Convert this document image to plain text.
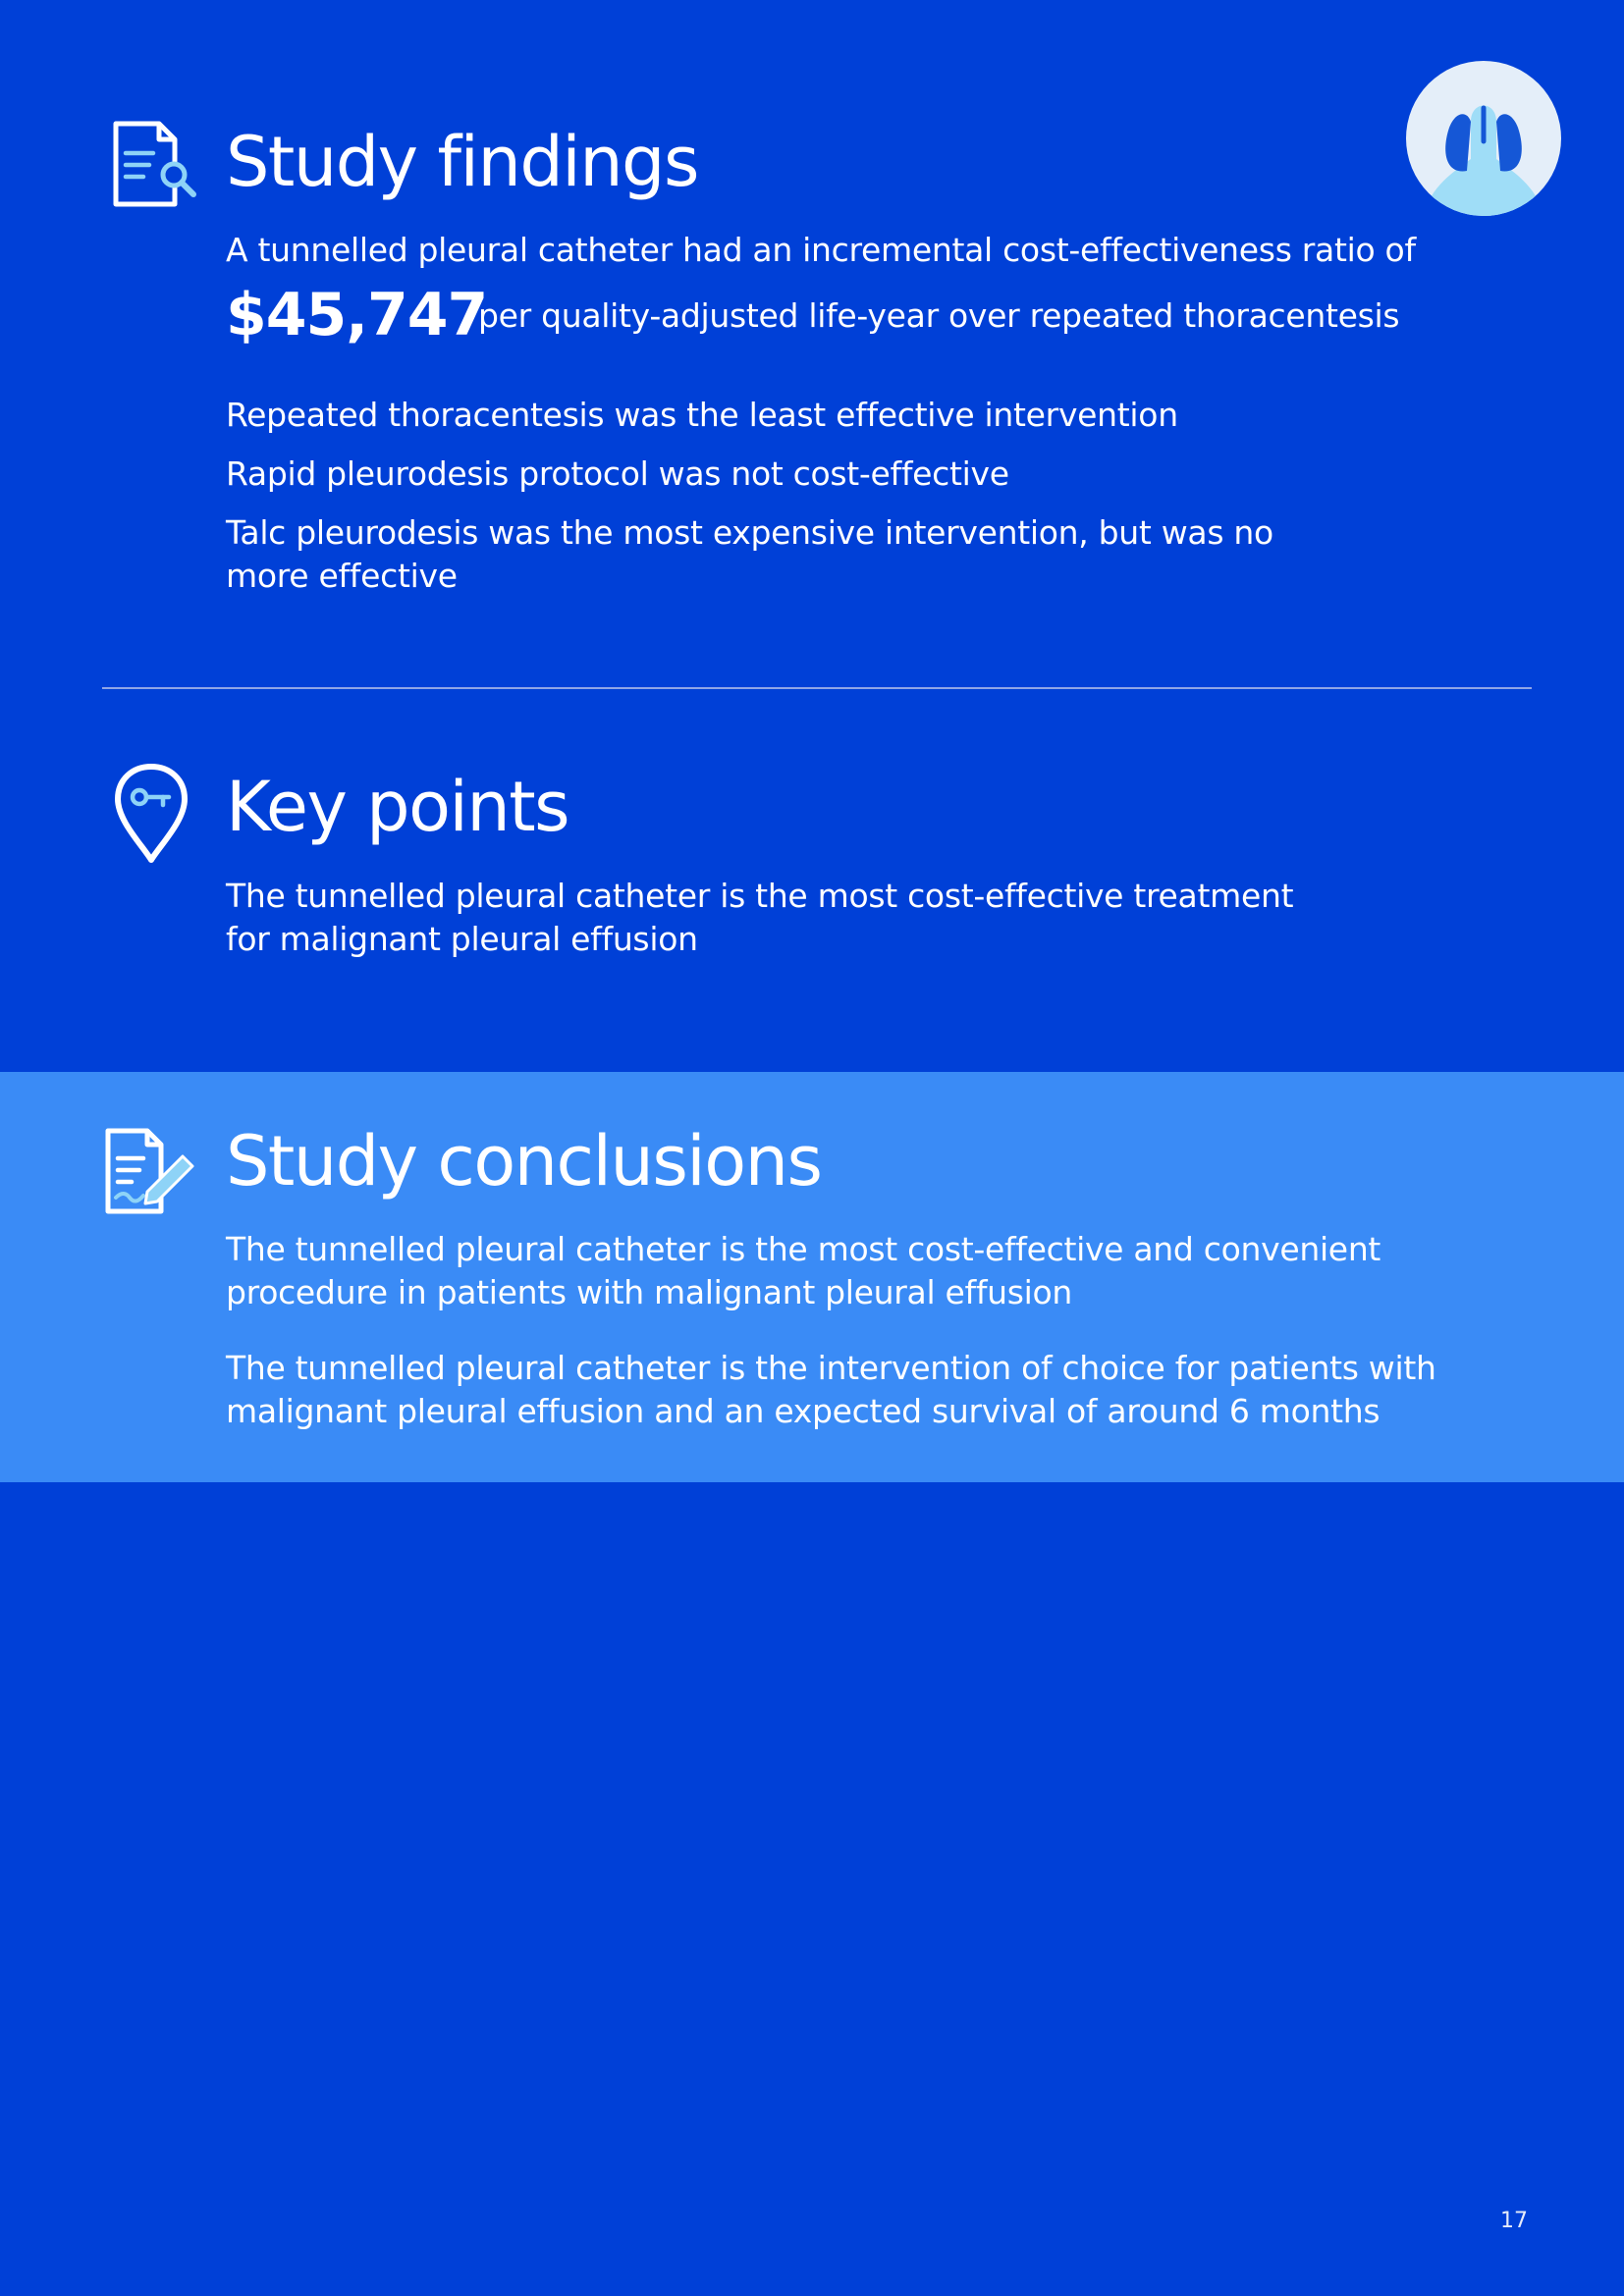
Study findings

A tunnelled pleural catheter had an incremental cost-effectiveness ratio of

$45,747
per quality-adjusted life-year over repeated thoracentesis

Repeated thoracentesis was the least effective intervention

Rapid pleurodesis protocol was not cost-effective

Talc pleurodesis was the most expensive intervention, but was no more effective

Key points

The tunnelled pleural catheter is the most cost-effective treatment for malignant pleural effusion

Study conclusions

The tunnelled pleural catheter is the most cost-effective and convenient procedure in patients with malignant pleural effusion

The tunnelled pleural catheter is the intervention of choice for patients with malignant pleural effusion and an expected survival of around 6 months

17
